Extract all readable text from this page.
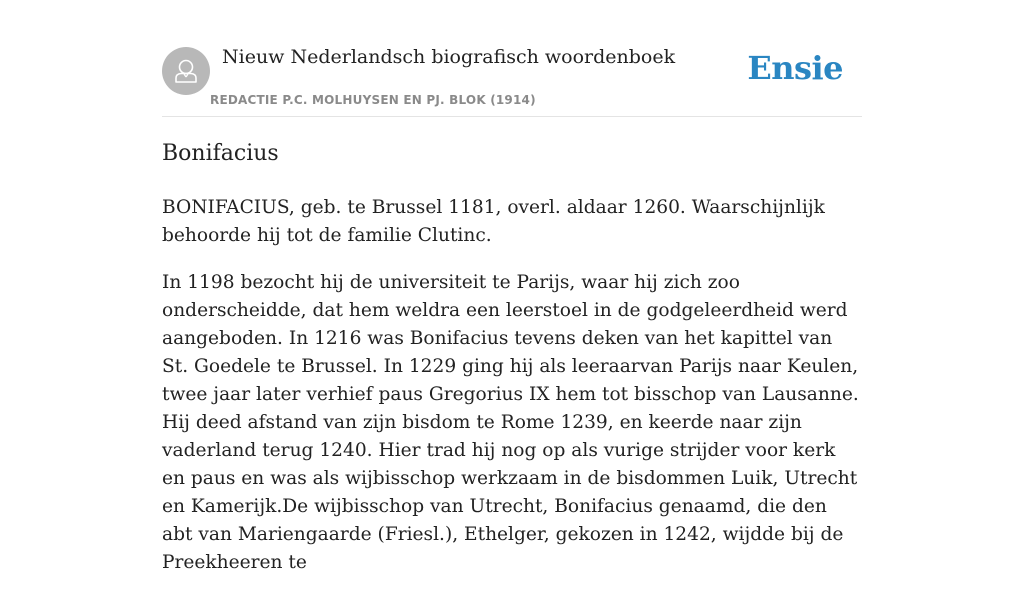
Nieuw Nederlandsch biografisch woordenboek
REDACTIE P.C. MOLHUYSEN EN PJ. BLOK (1914)
Ensie
Bonifacius

BONIFACIUS, geb. te Brussel 1181, overl. aldaar 1260. Waarschijnlijk behoorde hij tot de familie Clutinc.

In 1198 bezocht hij de universiteit te Parijs, waar hij zich zoo onderscheidde, dat hem weldra een leerstoel in de godgeleerdheid werd aangeboden. In 1216 was Bonifacius tevens deken van het kapittel van St. Goedele te Brussel. In 1229 ging hij als leeraarvan Parijs naar Keulen, twee jaar later verhief paus Gregorius IX hem tot bisschop van Lausanne. Hij deed afstand van zijn bisdom te Rome 1239, en keerde naar zijn vaderland terug 1240. Hier trad hij nog op als vurige strijder voor kerk en paus en was als wijbisschop werkzaam in de bisdommen Luik, Utrecht en Kamerijk.De wijbisschop van Utrecht, Bonifacius genaamd, die den abt van Mariengaarde (Friesl.), Ethelger, gekozen in 1242, wijdde bij de Preekheeren te
